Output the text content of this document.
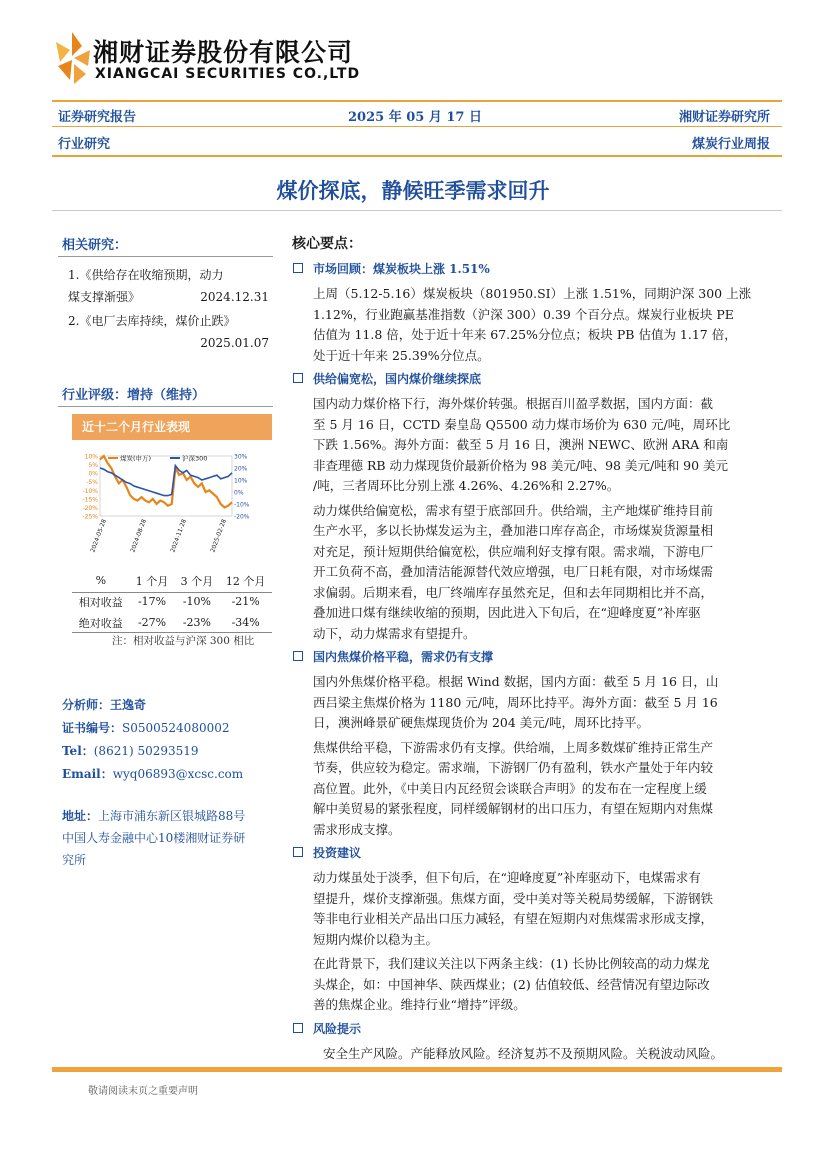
湘财证券股份有限公司
XIANGCAI SECURITIES CO.,LTD
证券研究报告	2025 年 05 月 17 日	湘财证券研究所
行业研究	煤炭行业周报
煤价探底，静候旺季需求回升
相关研究：
1.《供给存在收缩预期，动力
煤支撑渐强》	2024.12.31
2.《电厂去库持续，煤价止跌》
2025.01.07
行业评级：增持（维持）
近十二个月行业表现
10%
5%
0%
-5%
-10%
-15%
-20%
-25%
30%
20%
10%
0%
-10%
-20%
煤炭(申万)	沪深300
2024-05-28	2024-08-28	2024-11-28	2025-02-28
%	1 个月	3 个月	12 个月
相对收益	-17%	-10%	-21%
绝对收益	-27%	-23%	-34%
注：相对收益与沪深 300 相比
分析师：王逸奇
证书编号：S0500524080002
Tel：(8621) 50293519
Email：wyq06893@xcsc.com
地址：上海市浦东新区银城路88号
中国人寿金融中心10楼湘财证券研
究所
核心要点：
市场回顾：煤炭板块上涨 1.51%
上周（5.12-5.16）煤炭板块（801950.SI）上涨 1.51%，同期沪深 300 上涨
1.12%，行业跑赢基准指数（沪深 300）0.39 个百分点。煤炭行业板块 PE
估值为 11.8 倍，处于近十年来 67.25%分位点；板块 PB 估值为 1.17 倍，
处于近十年来 25.39%分位点。
供给偏宽松，国内煤价继续探底
国内动力煤价格下行，海外煤价转强。根据百川盈孚数据，国内方面：截
至 5 月 16 日，CCTD 秦皇岛 Q5500 动力煤市场价为 630 元/吨，周环比
下跌 1.56%。海外方面：截至 5 月 16 日，澳洲 NEWC、欧洲 ARA 和南
非查理德 RB 动力煤现货价最新价格为 98 美元/吨、98 美元/吨和 90 美元
/吨，三者周环比分别上涨 4.26%、4.26%和 2.27%。
动力煤供给偏宽松，需求有望于底部回升。供给端，主产地煤矿维持目前
生产水平，多以长协煤发运为主，叠加港口库存高企，市场煤炭货源量相
对充足，预计短期供给偏宽松，供应端利好支撑有限。需求端，下游电厂
开工负荷不高，叠加清洁能源替代效应增强，电厂日耗有限，对市场煤需
求偏弱。后期来看，电厂终端库存虽然充足，但和去年同期相比并不高，
叠加进口煤有继续收缩的预期，因此进入下旬后，在“迎峰度夏”补库驱
动下，动力煤需求有望提升。
国内焦煤价格平稳，需求仍有支撑
国内外焦煤价格平稳。根据 Wind 数据，国内方面：截至 5 月 16 日，山
西吕梁主焦煤价格为 1180 元/吨，周环比持平。海外方面：截至 5 月 16
日，澳洲峰景矿硬焦煤现货价为 204 美元/吨，周环比持平。
焦煤供给平稳，下游需求仍有支撑。供给端，上周多数煤矿维持正常生产
节奏，供应较为稳定。需求端，下游钢厂仍有盈利，铁水产量处于年内较
高位置。此外，《中美日内瓦经贸会谈联合声明》的发布在一定程度上缓
解中美贸易的紧张程度，同样缓解钢材的出口压力，有望在短期内对焦煤
需求形成支撑。
投资建议
动力煤虽处于淡季，但下旬后，在“迎峰度夏”补库驱动下，电煤需求有
望提升，煤价支撑渐强。焦煤方面，受中美对等关税局势缓解，下游钢铁
等非电行业相关产品出口压力减轻，有望在短期内对焦煤需求形成支撑，
短期内煤价以稳为主。
在此背景下，我们建议关注以下两条主线：(1) 长协比例较高的动力煤龙
头煤企，如：中国神华、陕西煤业；(2) 估值较低、经营情况有望边际改
善的焦煤企业。维持行业“增持”评级。
风险提示
安全生产风险。产能释放风险。经济复苏不及预期风险。关税波动风险。
敬请阅读末页之重要声明
